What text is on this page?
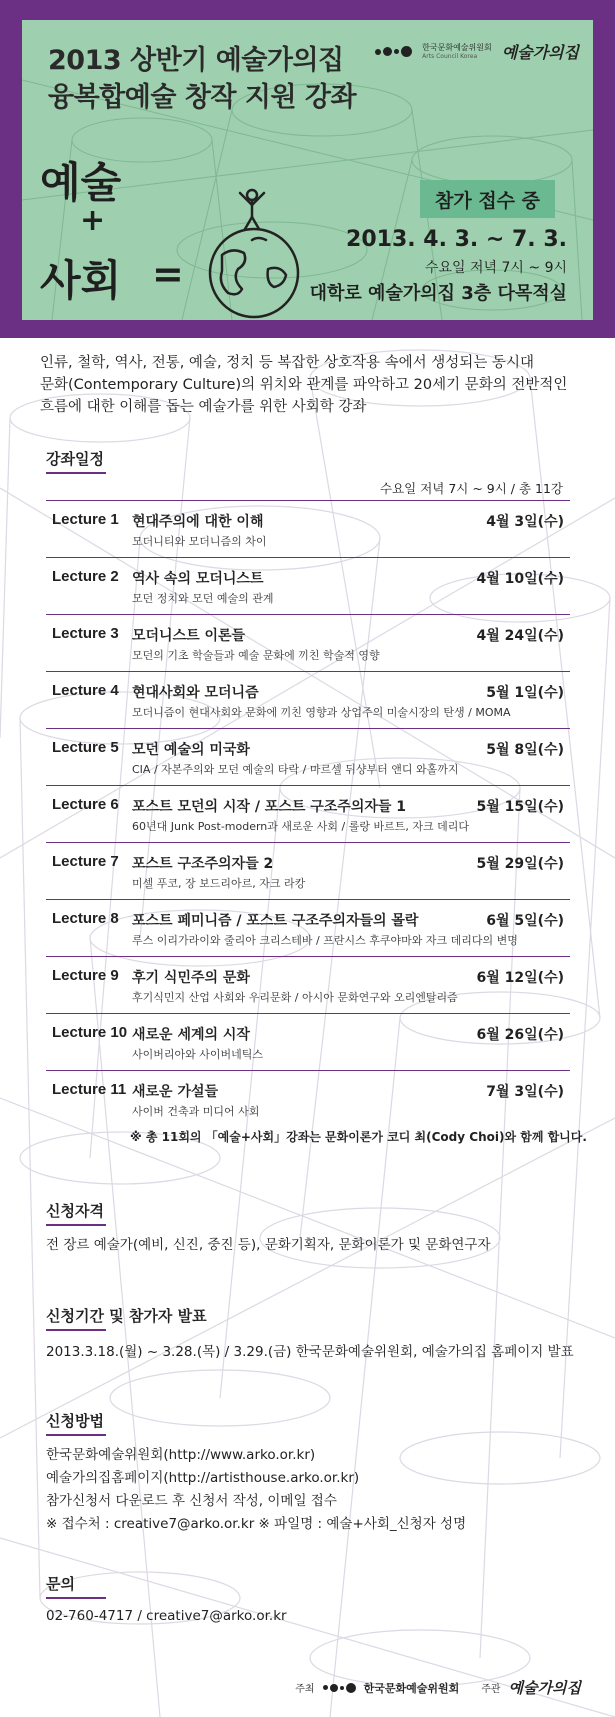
2013 상반기 예술가의집
융복합예술 창작 지원 강좌
한국문화예술위원회
Arts Council Korea	예술가의집
예술
+
사회 =
참가 접수 중
2013. 4. 3. ~ 7. 3.
수요일 저녁 7시 ~ 9시
대학로 예술가의집 3층 다목적실
인류, 철학, 역사, 전통, 예술, 정치 등 복잡한 상호작용 속에서 생성되는 동시대
문화(Contemporary Culture)의 위치와 관계를 파악하고 20세기 문화의 전반적인
흐름에 대한 이해를 돕는 예술가를 위한 사회학 강좌
강좌일정
수요일 저녁 7시 ~ 9시 / 총 11강
Lecture 1 현대주의에 대한 이해
모더니티와 모더니즘의 차이
4월 3일(수)
Lecture 2 역사 속의 모더니스트
모던 정치와 모던 예술의 관계
4월 10일(수)
Lecture 3 모더니스트 이론들
모던의 기초 학술들과 예술 문화에 끼친 학술적 영향
4월 24일(수)
Lecture 4 현대사회와 모더니즘
모더니즘이 현대사회와 문화에 끼친 영향과 상업주의 미술시장의 탄생 / MOMA
5월 1일(수)
Lecture 5 모던 예술의 미국화
CIA / 자본주의와 모던 예술의 타락 / 마르셀 뒤샹부터 앤디 와홀까지
5월 8일(수)
Lecture 6 포스트 모던의 시작 / 포스트 구조주의자들 1
60년대 Junk Post-modern과 새로운 사회 / 롤랑 바르트, 자크 데리다
5월 15일(수)
Lecture 7 포스트 구조주의자들 2
미셀 푸코, 장 보드리아르, 자크 라캉
5월 29일(수)
Lecture 8 포스트 페미니즘 / 포스트 구조주의자들의 몰락
루스 이리가라이와 줄리아 크리스테바 / 프란시스 후쿠야마와 자크 데리다의 변명
6월 5일(수)
Lecture 9 후기 식민주의 문화
후기식민지 산업 사회와 우리문화 / 아시아 문화연구와 오리엔탈리즘
6월 12일(수)
Lecture 10 새로운 세계의 시작
사이버리아와 사이버네틱스
6월 26일(수)
Lecture 11 새로운 가설들
사이버 건축과 미디어 사회
7월 3일(수)
※ 총 11회의 「예술+사회」강좌는 문화이론가 코디 최(Cody Choi)와 함께 합니다.
신청자격
전 장르 예술가(예비, 신진, 중진 등), 문화기획자, 문화이론가 및 문화연구자
신청기간 및 참가자 발표
2013.3.18.(월) ~ 3.28.(목) / 3.29.(금) 한국문화예술위원회, 예술가의집 홈페이지 발표
신청방법
한국문화예술위원회(http://www.arko.or.kr)
예술가의집홈페이지(http://artisthouse.arko.or.kr)
참가신청서 다운로드 후 신청서 작성, 이메일 접수
※ 접수처 : creative7@arko.or.kr ※ 파일명 : 예술+사회_신청자 성명
문의
02-760-4717 / creative7@arko.or.kr
주최	한국문화예술위원회 주관 예술가의집
